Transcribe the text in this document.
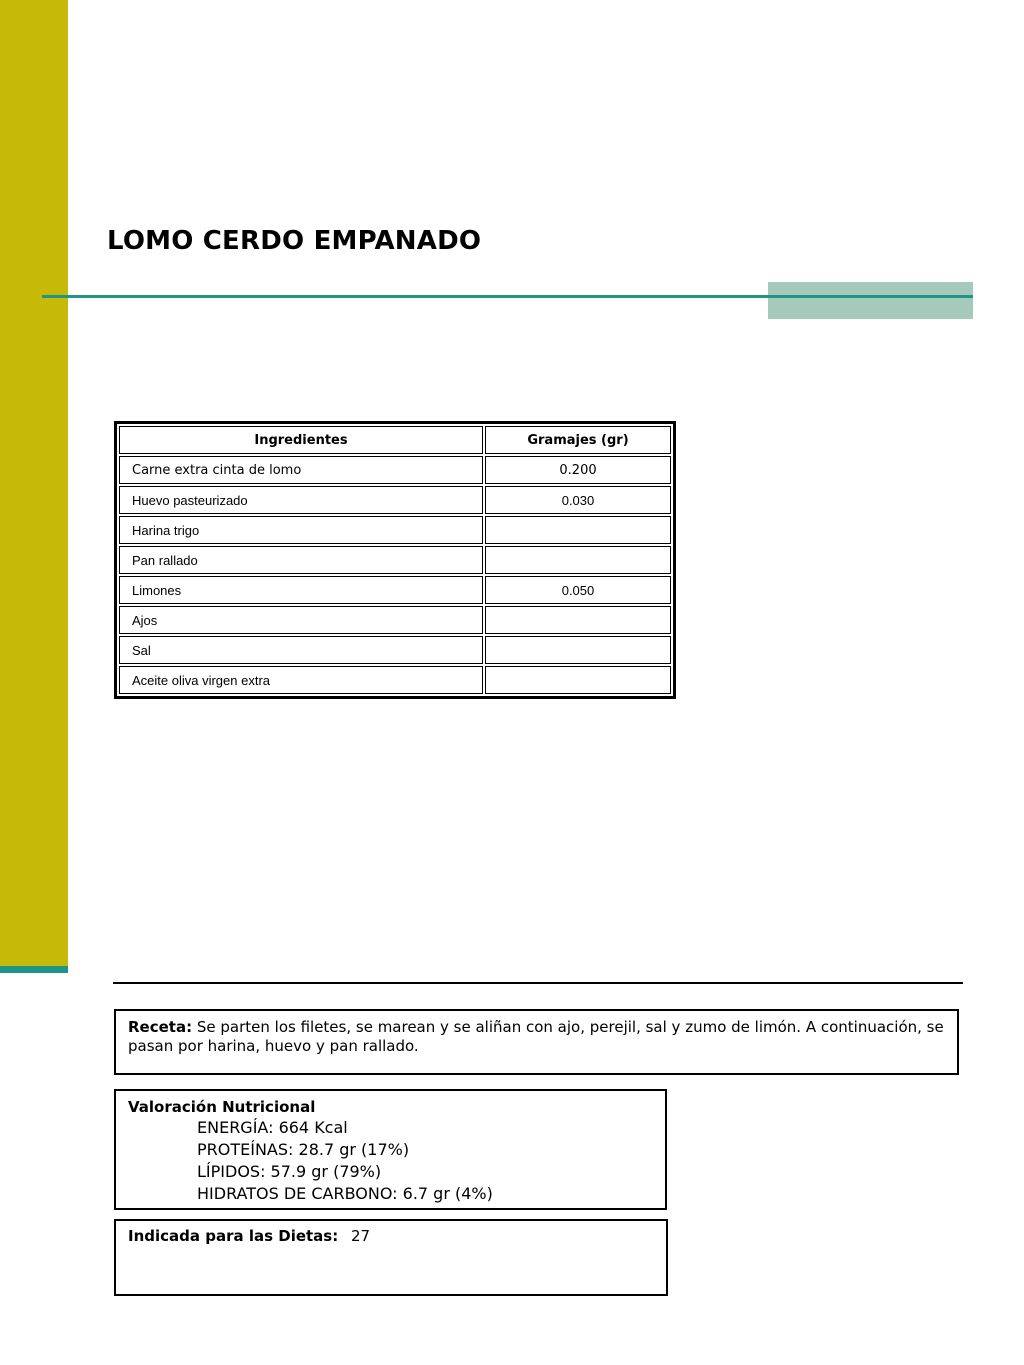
LOMO CERDO EMPANADO
Ingredientes	Gramajes (gr)
Carne extra cinta de lomo	0.200
Huevo pasteurizado	0.030
Harina trigo	
Pan rallado	
Limones	0.050
Ajos	
Sal	
Aceite oliva virgen extra	
Receta: Se parten los filetes, se marean y se aliñan con ajo, perejil, sal y zumo de limón. A continuación, se pasan por harina, huevo y pan rallado.
Valoración Nutricional
ENERGÍA: 664 Kcal
PROTEÍNAS: 28.7 gr (17%)
LÍPIDOS: 57.9 gr (79%)
HIDRATOS DE CARBONO: 6.7 gr (4%)
Indicada para las Dietas: 27
